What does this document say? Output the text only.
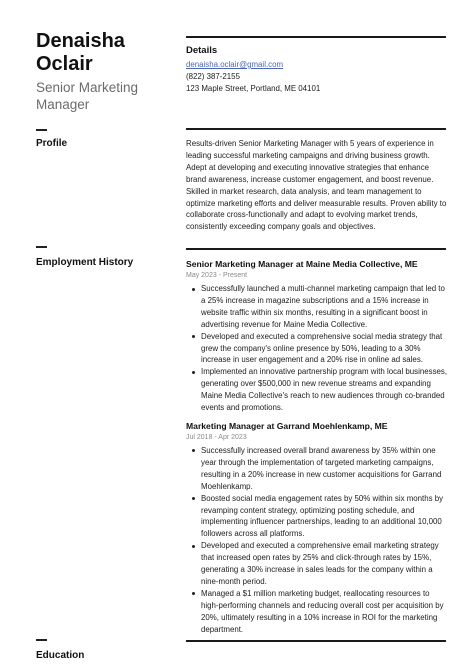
Denaisha
Oclair
Senior Marketing
Manager
Details
denaisha.oclair@gmail.com
(822) 387-2155
123 Maple Street, Portland, ME 04101
Profile	Results-driven Senior Marketing Manager with 5 years of experience in leading successful marketing campaigns and driving business growth. Adept at developing and executing innovative strategies that enhance brand awareness, increase customer engagement, and boost revenue. Skilled in market research, data analysis, and team management to optimize marketing efforts and deliver measurable results. Proven ability to collaborate cross-functionally and adapt to evolving market trends, consistently exceeding company goals and objectives.
Employment History	Senior Marketing Manager at Maine Media Collective, ME
May 2023 - Present
Successfully launched a multi-channel marketing campaign that led to a 25% increase in magazine subscriptions and a 15% increase in website traffic within six months, resulting in a significant boost in advertising revenue for Maine Media Collective.
Developed and executed a comprehensive social media strategy that grew the company's online presence by 50%, leading to a 30% increase in user engagement and a 20% rise in online ad sales.
Implemented an innovative partnership program with local businesses, generating over $500,000 in new revenue streams and expanding Maine Media Collective's reach to new audiences through co-branded events and promotions.
Marketing Manager at Garrand Moehlenkamp, ME
Jul 2018 - Apr 2023
Successfully increased overall brand awareness by 35% within one year through the implementation of targeted marketing campaigns, resulting in a 20% increase in new customer acquisitions for Garrand Moehlenkamp.
Boosted social media engagement rates by 50% within six months by revamping content strategy, optimizing posting schedule, and implementing influencer partnerships, leading to an additional 10,000 followers across all platforms.
Developed and executed a comprehensive email marketing strategy that increased open rates by 25% and click-through rates by 15%, generating a 30% increase in sales leads for the company within a nine-month period.
Managed a $1 million marketing budget, reallocating resources to high-performing channels and reducing overall cost per acquisition by 20%, ultimately resulting in a 10% increase in ROI for the marketing department.
Education
